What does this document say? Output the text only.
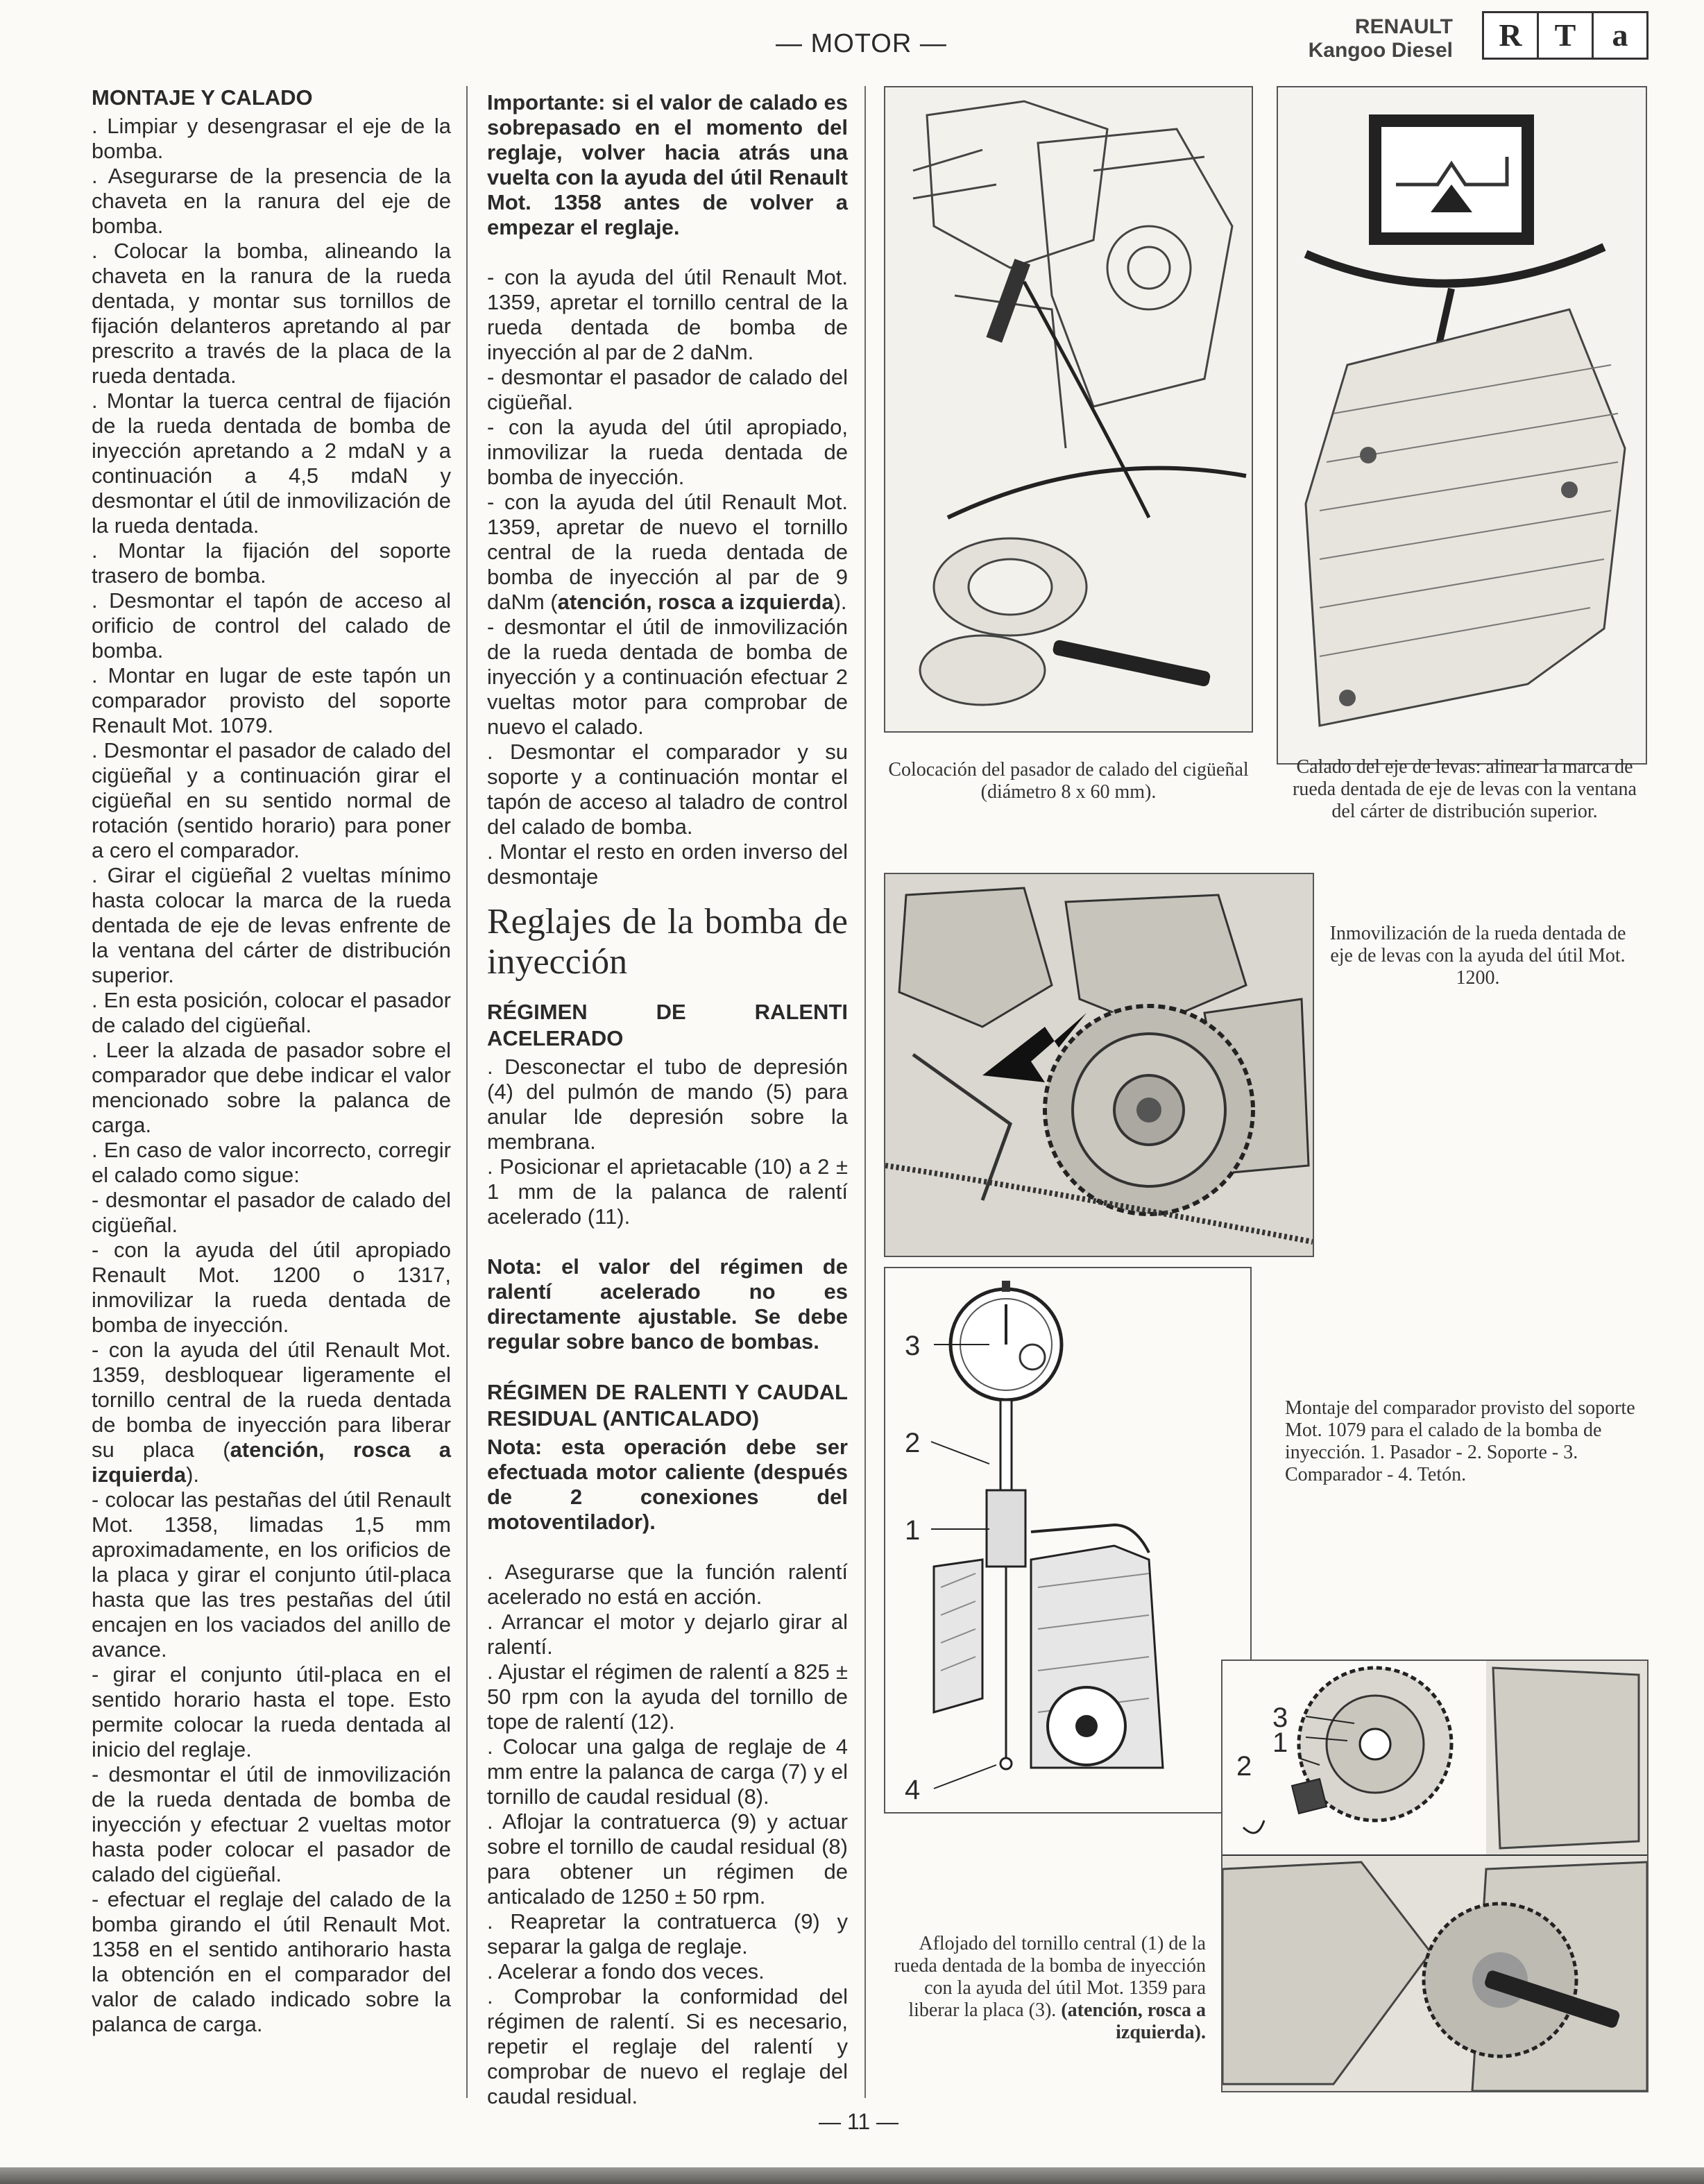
— MOTOR —
RENAULT
Kangoo Diesel	R	T	a

MONTAJE Y CALADO

. Limpiar y desengrasar el eje de la bomba.

. Asegurarse de la presencia de la chaveta en la ranura del eje de bomba.

. Colocar la bomba, alineando la chaveta en la ranura de la rueda dentada, y montar sus tornillos de fijación delanteros apretando al par prescrito a través de la placa de la rueda dentada.

. Montar la tuerca central de fijación de la rueda dentada de bomba de inyección apretando a 2 mdaN y a continuación a 4,5 mdaN y desmontar el útil de inmovilización de la rueda dentada.

. Montar la fijación del soporte trasero de bomba.

. Desmontar el tapón de acceso al orificio de control del calado de bomba.

. Montar en lugar de este tapón un comparador provisto del soporte Renault Mot. 1079.

. Desmontar el pasador de calado del cigüeñal y a continuación girar el cigüeñal en su sentido normal de rotación (sentido horario) para poner a cero el comparador.

. Girar el cigüeñal 2 vueltas mínimo hasta colocar la marca de la rueda dentada de eje de levas enfrente de la ventana del cárter de distribución superior.

. En esta posición, colocar el pasador de calado del cigüeñal.

. Leer la alzada de pasador sobre el comparador que debe indicar el valor mencionado sobre la palanca de carga.

. En caso de valor incorrecto, corregir el calado como sigue:

- desmontar el pasador de calado del cigüeñal.

- con la ayuda del útil apropiado Renault Mot. 1200 o 1317, inmovilizar la rueda dentada de bomba de inyección.

- con la ayuda del útil Renault Mot. 1359, desbloquear ligeramente el tornillo central de la rueda dentada de bomba de inyección para liberar su placa (atención, rosca a izquierda).

- colocar las pestañas del útil Renault Mot. 1358, limadas 1,5 mm aproximadamente, en los orificios de la placa y girar el conjunto útil-placa hasta que las tres pestañas del útil encajen en los vaciados del anillo de avance.

- girar el conjunto útil-placa en el sentido horario hasta el tope. Esto permite colocar la rueda dentada al inicio del reglaje.

- desmontar el útil de inmovilización de la rueda dentada de bomba de inyección y efectuar 2 vueltas motor hasta poder colocar el pasador de calado del cigüeñal.

- efectuar el reglaje del calado de la bomba girando el útil Renault Mot. 1358 en el sentido antihorario hasta la obtención en el comparador del valor de calado indicado sobre la palanca de carga.

Importante: si el valor de calado es sobrepasado en el momento del reglaje, volver hacia atrás una vuelta con la ayuda del útil Renault Mot. 1358 antes de volver a empezar el reglaje.

- con la ayuda del útil Renault Mot. 1359, apretar el tornillo central de la rueda dentada de bomba de inyección al par de 2 daNm.

- desmontar el pasador de calado del cigüeñal.

- con la ayuda del útil apropiado, inmovilizar la rueda dentada de bomba de inyección.

- con la ayuda del útil Renault Mot. 1359, apretar de nuevo el tornillo central de la rueda dentada de bomba de inyección al par de 9 daNm (atención, rosca a izquierda).

- desmontar el útil de inmovilización de la rueda dentada de bomba de inyección y a continuación efectuar 2 vueltas motor para comprobar de nuevo el calado.

. Desmontar el comparador y su soporte y a continuación montar el tapón de acceso al taladro de control del calado de bomba.

. Montar el resto en orden inverso del desmontaje

Reglajes de la bomba de inyección

RÉGIMEN DE RALENTI ACELERADO

. Desconectar el tubo de depresión (4) del pulmón de mando (5) para anular lde depresión sobre la membrana.

. Posicionar el aprietacable (10) a 2 ± 1 mm de la palanca de ralentí acelerado (11).

Nota: el valor del régimen de ralentí acelerado no es directamente ajustable. Se debe regular sobre banco de bombas.

RÉGIMEN DE RALENTI Y CAUDAL RESIDUAL (ANTICALADO)

Nota: esta operación debe ser efectuada motor caliente (después de 2 conexiones del motoventilador).

. Asegurarse que la función ralentí acelerado no está en acción.

. Arrancar el motor y dejarlo girar al ralentí.

. Ajustar el régimen de ralentí a 825 ± 50 rpm con la ayuda del tornillo de tope de ralentí (12).

. Colocar una galga de reglaje de 4 mm entre la palanca de carga (7) y el tornillo de caudal residual (8).

. Aflojar la contratuerca (9) y actuar sobre el tornillo de caudal residual (8) para obtener un régimen de anticalado de 1250 ± 50 rpm.

. Reapretar la contratuerca (9) y separar la galga de reglaje.

. Acelerar a fondo dos veces.

. Comprobar la conformidad del régimen de ralentí. Si es necesario, repetir el reglaje del ralentí y comprobar de nuevo el reglaje del caudal residual.

Colocación del pasador de calado del cigüeñal (diámetro 8 x 60 mm).
Calado del eje de levas: alinear la marca de rueda dentada de eje de levas con la ventana del cárter de distribución superior.
Inmovilización de la rueda dentada de eje de levas con la ayuda del útil Mot. 1200.
3
2
1
4
Montaje del comparador provisto del soporte Mot. 1079 para el calado de la bomba de inyección. 1. Pasador - 2. Soporte - 3. Comparador - 4. Tetón.
3
1
2
Aflojado del tornillo central (1) de la rueda dentada de la bomba de inyección con la ayuda del útil Mot. 1359 para liberar la placa (3). (atención, rosca a izquierda).
— 11 —
